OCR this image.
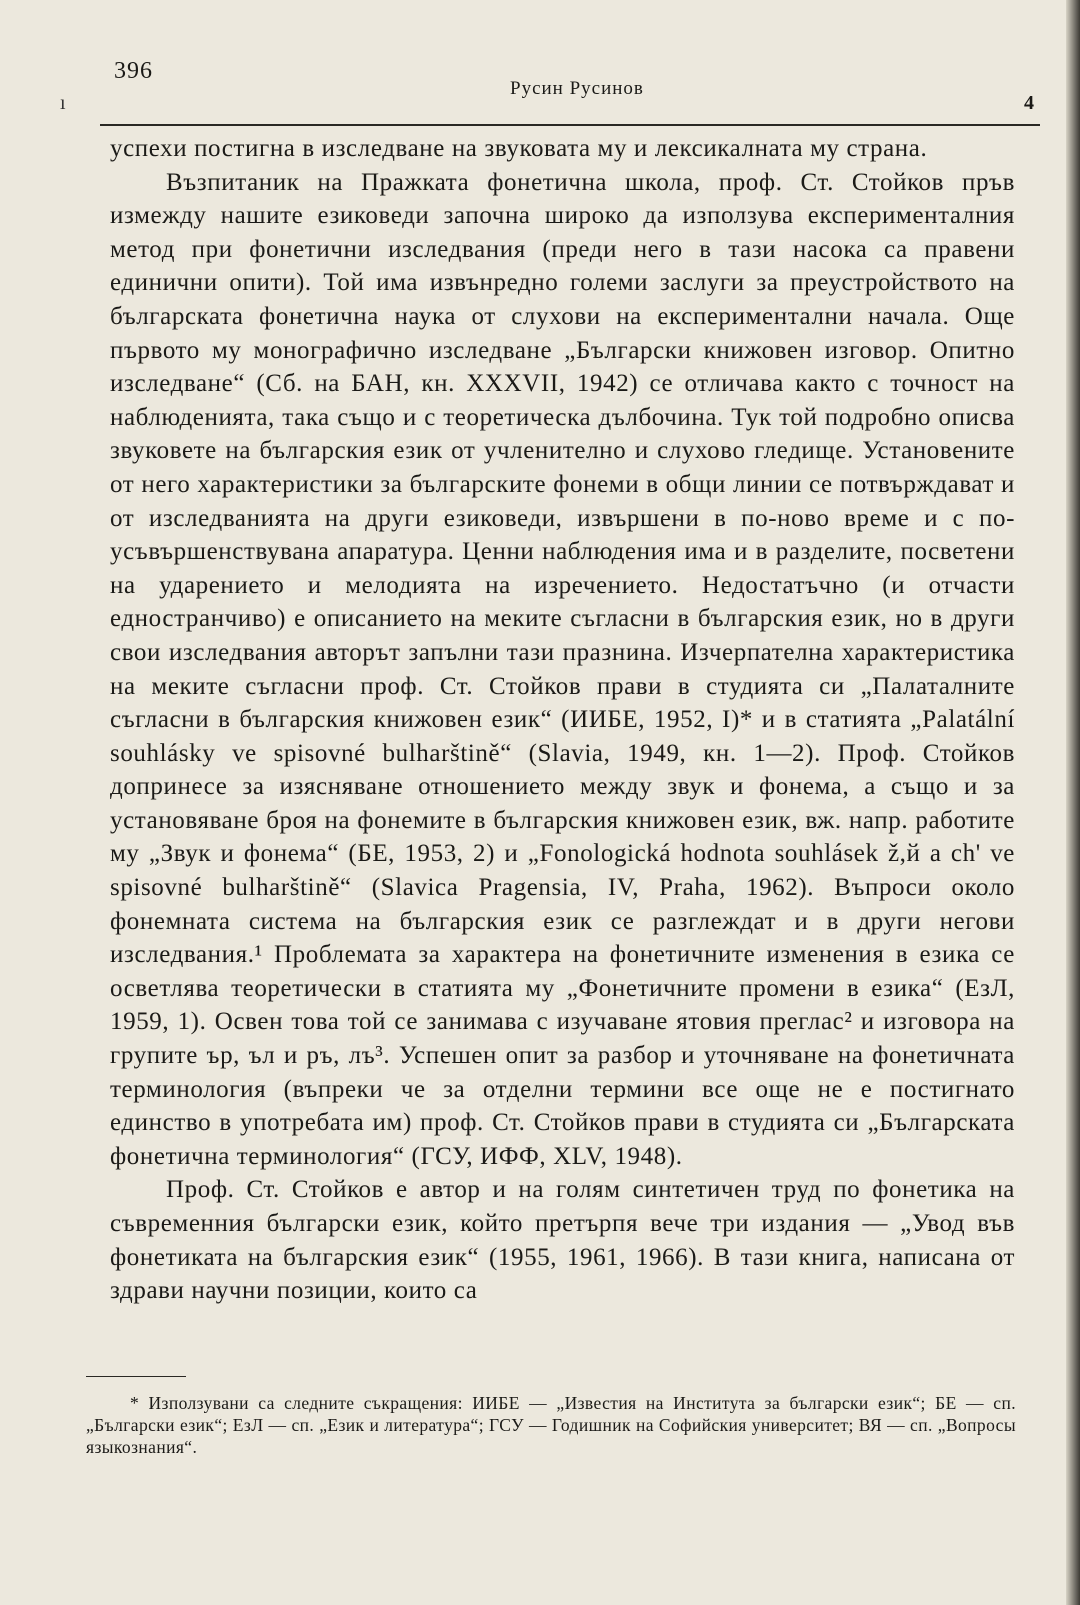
ı
396
Русин Русинов
4

успехи постигна в изследване на звуковата му и лексикалната му страна.

Възпитаник на Пражката фонетична школа, проф. Ст. Стойков пръв измежду нашите езиковеди започна широко да използува експерименталния метод при фонетични изследвания (преди него в тази насока са правени единични опити). Той има извънредно големи заслуги за преустройството на българската фонетична наука от слухови на експериментални начала. Още първото му монографично изследване „Български книжовен изговор. Опитно изследване“ (Сб. на БАН, кн. XXXVII, 1942) се отличава както с точност на наблюденията, така също и с теоретическа дълбочина. Тук той подробно описва звуковете на българския език от учленително и слухово гледище. Установените от него характеристики за българските фонеми в общи линии се потвърждават и от изследванията на други езиковеди, извършени в по-ново време и с по-усъвършенствувана апаратура. Ценни наблюдения има и в разделите, посветени на ударението и мелодията на изречението. Недостатъчно (и отчасти едностранчиво) е описанието на меките съгласни в българския език, но в други свои изследвания авторът запълни тази празнина. Изчерпателна характеристика на меките съгласни проф. Ст. Стойков прави в студията си „Палаталните съгласни в българския книжовен език“ (ИИБЕ, 1952, I)* и в статията „Palatální souhlásky ve spisovné bulharštině“ (Slavia, 1949, кн. 1—2). Проф. Стойков допринесе за изясняване отношението между звук и фонема, а също и за установяване броя на фонемите в българския книжовен език, вж. напр. работите му „Звук и фонема“ (БЕ, 1953, 2) и „Fonologická hodnota souhlásek ž,й a ch' ve spisovné bulharštině“ (Slavica Pragensia, IV, Praha, 1962). Въпроси около фонемната система на българския език се разглеждат и в други негови изследвания.¹ Проблемата за характера на фонетичните изменения в езика се осветлява теоретически в статията му „Фонетичните промени в езика“ (ЕзЛ, 1959, 1). Освен това той се занимава с изучаване ятовия преглас² и изговора на групите ър, ъл и ръ, лъ³. Успешен опит за разбор и уточняване на фонетичната терминология (въпреки че за отделни термини все още не е постигнато единство в употребата им) проф. Ст. Стойков прави в студията си „Българската фонетична терминология“ (ГСУ, ИФФ, XLV, 1948).

Проф. Ст. Стойков е автор и на голям синтетичен труд по фонетика на съвременния български език, който претърпя вече три издания — „Увод във фонетиката на българския език“ (1955, 1961, 1966). В тази книга, написана от здрави научни позиции, които са

* Използувани са следните съкращения: ИИБЕ — „Известия на Института за български език“; БЕ — сп. „Български език“; ЕзЛ — сп. „Език и литература“; ГСУ — Годишник на Софийския университет; ВЯ — сп. „Вопросы языкознания“.
